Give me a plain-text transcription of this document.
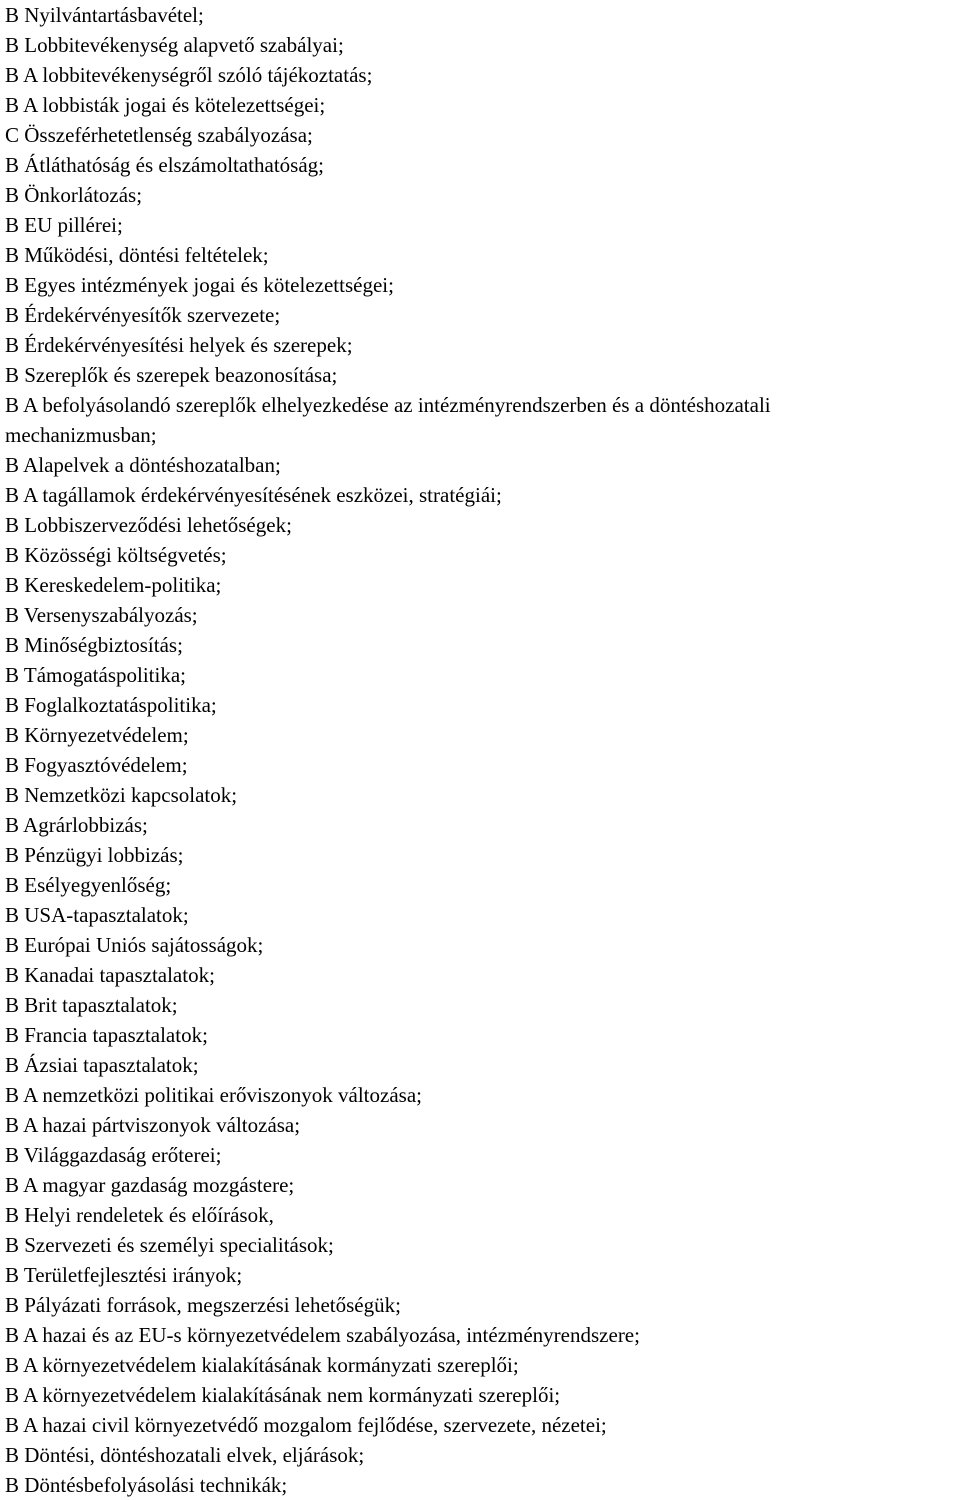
B Nyilvántartásbavétel;
B Lobbitevékenység alapvető szabályai;
B A lobbitevékenységről szóló tájékoztatás;
B A lobbisták jogai és kötelezettségei;
C Összeférhetetlenség szabályozása;
B Átláthatóság és elszámoltathatóság;
B Önkorlátozás;
B EU pillérei;
B Működési, döntési feltételek;
B Egyes intézmények jogai és kötelezettségei;
B Érdekérvényesítők szervezete;
B Érdekérvényesítési helyek és szerepek;
B Szereplők és szerepek beazonosítása;
B A befolyásolandó szereplők elhelyezkedése az intézményrendszerben és a döntéshozatali
mechanizmusban;
B Alapelvek a döntéshozatalban;
B A tagállamok érdekérvényesítésének eszközei, stratégiái;
B Lobbiszerveződési lehetőségek;
B Közösségi költségvetés;
B Kereskedelem-politika;
B Versenyszabályozás;
B Minőségbiztosítás;
B Támogatáspolitika;
B Foglalkoztatáspolitika;
B Környezetvédelem;
B Fogyasztóvédelem;
B Nemzetközi kapcsolatok;
B Agrárlobbizás;
B Pénzügyi lobbizás;
B Esélyegyenlőség;
B USA-tapasztalatok;
B Európai Uniós sajátosságok;
B Kanadai tapasztalatok;
B Brit tapasztalatok;
B Francia tapasztalatok;
B Ázsiai tapasztalatok;
B A nemzetközi politikai erőviszonyok változása;
B A hazai pártviszonyok változása;
B Világgazdaság erőterei;
B A magyar gazdaság mozgástere;
B Helyi rendeletek és előírások,
B Szervezeti és személyi specialitások;
B Területfejlesztési irányok;
B Pályázati források, megszerzési lehetőségük;
B A hazai és az EU-s környezetvédelem szabályozása, intézményrendszere;
B A környezetvédelem kialakításának kormányzati szereplői;
B A környezetvédelem kialakításának nem kormányzati szereplői;
B A hazai civil környezetvédő mozgalom fejlődése, szervezete, nézetei;
B Döntési, döntéshozatali elvek, eljárások;
B Döntésbefolyásolási technikák;
